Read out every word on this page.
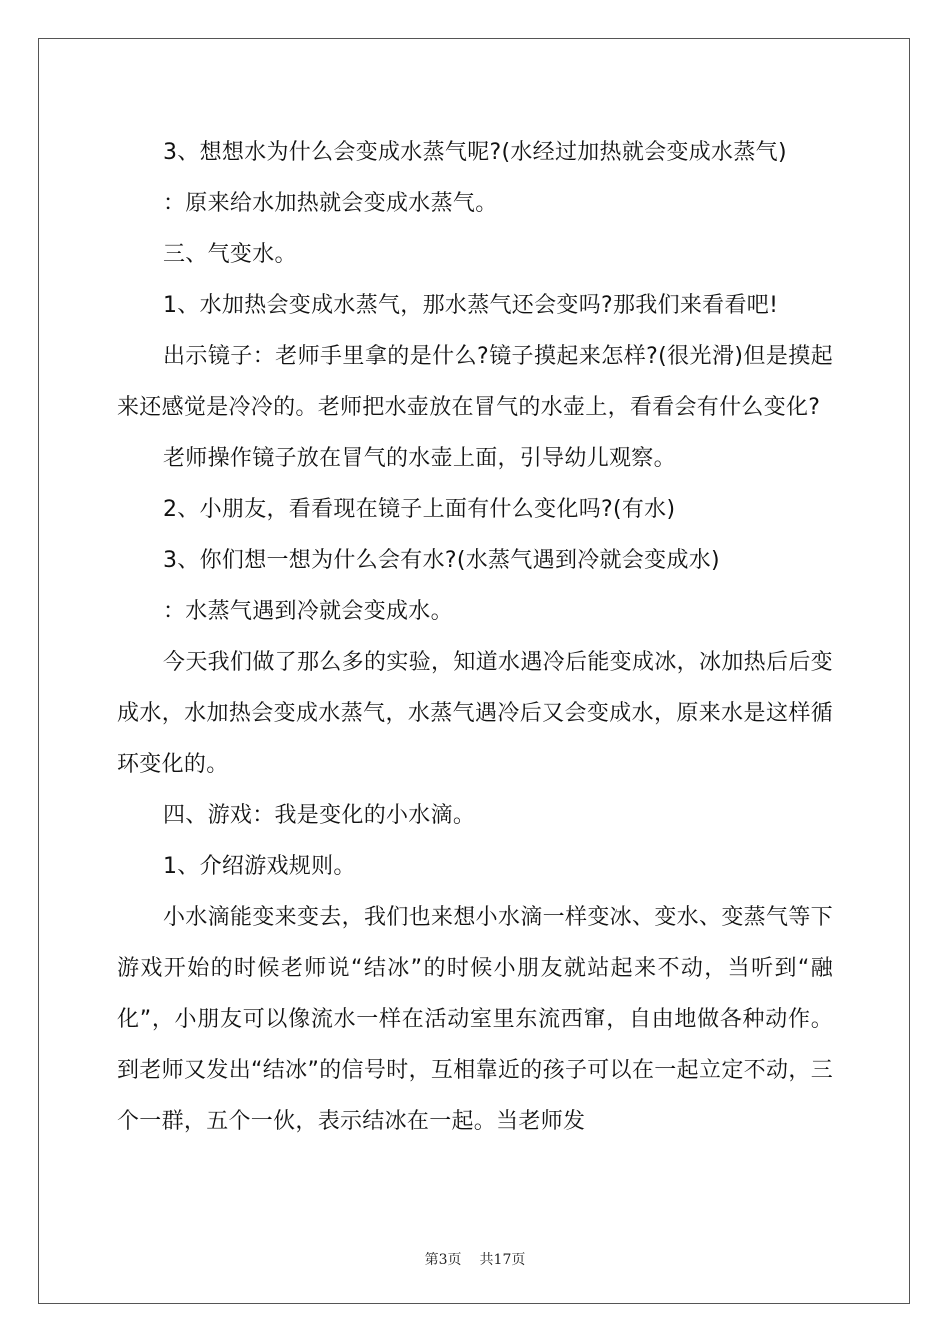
3、想想水为什么会变成水蒸气呢?(水经过加热就会变成水蒸气)

：原来给水加热就会变成水蒸气。

三、气变水。

1、水加热会变成水蒸气，那水蒸气还会变吗?那我们来看看吧!

出示镜子：老师手里拿的是什么?镜子摸起来怎样?(很光滑)但是摸起来还感觉是冷冷的。老师把水壶放在冒气的水壶上，看看会有什么变化?

老师操作镜子放在冒气的水壶上面，引导幼儿观察。

2、小朋友，看看现在镜子上面有什么变化吗?(有水)

3、你们想一想为什么会有水?(水蒸气遇到冷就会变成水)

：水蒸气遇到冷就会变成水。

今天我们做了那么多的实验，知道水遇冷后能变成冰，冰加热后后变成水，水加热会变成水蒸气，水蒸气遇冷后又会变成水，原来水是这样循环变化的。

四、游戏：我是变化的小水滴。

1、介绍游戏规则。

小水滴能变来变去，我们也来想小水滴一样变冰、变水、变蒸气等下游戏开始的时候老师说“结冰”的时候小朋友就站起来不动，当听到“融化”，小朋友可以像流水一样在活动室里东流西窜，自由地做各种动作。到老师又发出“结冰”的信号时，互相靠近的孩子可以在一起立定不动，三个一群，五个一伙，表示结冰在一起。当老师发

第3页 共17页
